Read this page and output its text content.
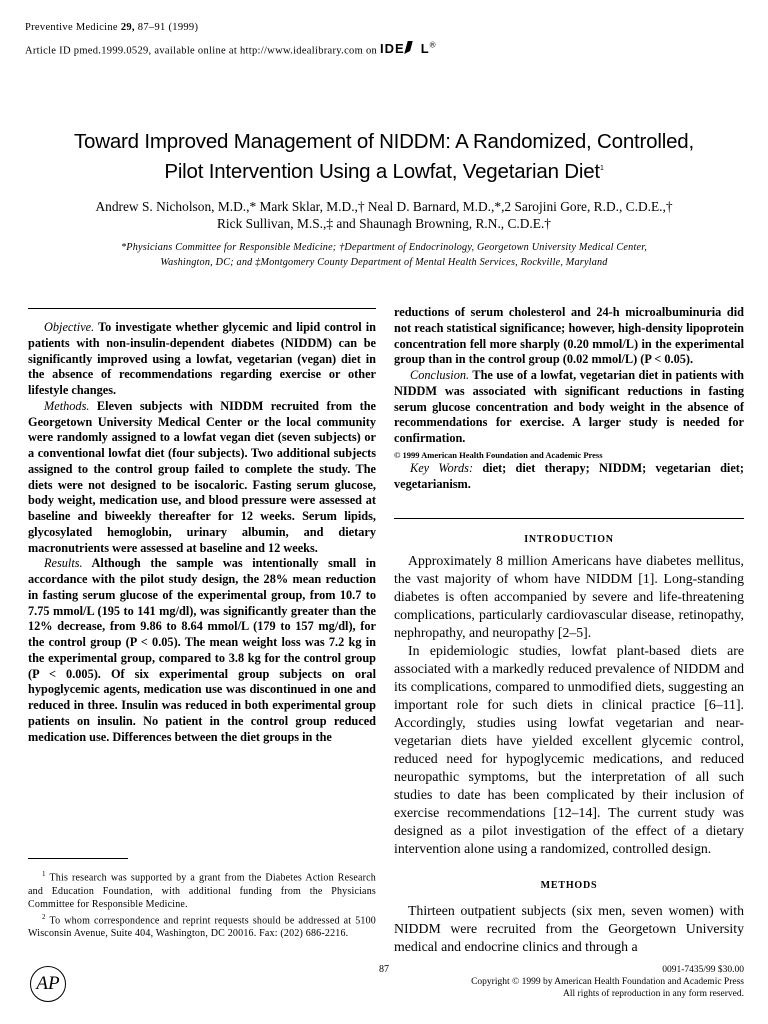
Preventive Medicine 29, 87–91 (1999)
Article ID pmed.1999.0529, available online at http://www.idealibrary.com on IDE L®
Toward Improved Management of NIDDM: A Randomized, Controlled,
Pilot Intervention Using a Lowfat, Vegetarian Diet$^1$
Andrew S. Nicholson, M.D.,* Mark Sklar, M.D.,† Neal D. Barnard, M.D.,*,2 Sarojini Gore, R.D., C.D.E.,†
Rick Sullivan, M.S.,‡ and Shaunagh Browning, R.N., C.D.E.†
*Physicians Committee for Responsible Medicine; †Department of Endocrinology, Georgetown University Medical Center,
Washington, DC; and ‡Montgomery County Department of Mental Health Services, Rockville, Maryland

Objective. To investigate whether glycemic and lipid control in patients with non-insulin-dependent diabetes (NIDDM) can be significantly improved using a lowfat, vegetarian (vegan) diet in the absence of recommendations regarding exercise or other lifestyle changes.

Methods. Eleven subjects with NIDDM recruited from the Georgetown University Medical Center or the local community were randomly assigned to a lowfat vegan diet (seven subjects) or a conventional lowfat diet (four subjects). Two additional subjects assigned to the control group failed to complete the study. The diets were not designed to be isocaloric. Fasting serum glucose, body weight, medication use, and blood pressure were assessed at baseline and biweekly thereafter for 12 weeks. Serum lipids, glycosylated hemoglobin, urinary albumin, and dietary macronutrients were assessed at baseline and 12 weeks.

Results. Although the sample was intentionally small in accordance with the pilot study design, the 28% mean reduction in fasting serum glucose of the experimental group, from 10.7 to 7.75 mmol/L (195 to 141 mg/dl), was significantly greater than the 12% decrease, from 9.86 to 8.64 mmol/L (179 to 157 mg/dl), for the control group (P < 0.05). The mean weight loss was 7.2 kg in the experimental group, compared to 3.8 kg for the control group (P < 0.005). Of six experimental group subjects on oral hypoglycemic agents, medication use was discontinued in one and reduced in three. Insulin was reduced in both experimental group patients on insulin. No patient in the control group reduced medication use. Differences between the diet groups in the

reductions of serum cholesterol and 24-h microalbuminuria did not reach statistical significance; however, high-density lipoprotein concentration fell more sharply (0.20 mmol/L) in the experimental group than in the control group (0.02 mmol/L) (P < 0.05).

Conclusion. The use of a lowfat, vegetarian diet in patients with NIDDM was associated with significant reductions in fasting serum glucose concentration and body weight in the absence of recommendations for exercise. A larger study is needed for confirmation.

© 1999 American Health Foundation and Academic Press

Key Words: diet; diet therapy; NIDDM; vegetarian diet; vegetarianism.

INTRODUCTION

Approximately 8 million Americans have diabetes mellitus, the vast majority of whom have NIDDM [1]. Long-standing diabetes is often accompanied by severe and life-threatening complications, particularly cardiovascular disease, retinopathy, nephropathy, and neuropathy [2–5].

In epidemiologic studies, lowfat plant-based diets are associated with a markedly reduced prevalence of NIDDM and its complications, compared to unmodified diets, suggesting an important role for such diets in clinical practice [6–11]. Accordingly, studies using lowfat vegetarian and near-vegetarian diets have yielded excellent glycemic control, reduced need for hypoglycemic medications, and reduced neuropathic symptoms, but the interpretation of all such studies to date has been complicated by their inclusion of exercise recommendations [12–14]. The current study was designed as a pilot investigation of the effect of a dietary intervention alone using a randomized, controlled design.

METHODS

Thirteen outpatient subjects (six men, seven women) with NIDDM were recruited from the Georgetown University medical and endocrine clinics and through a

$^1$ This research was supported by a grant from the Diabetes Action Research and Education Foundation, with additional funding from the Physicians Committee for Responsible Medicine.

$^2$ To whom correspondence and reprint requests should be addressed at 5100 Wisconsin Avenue, Suite 404, Washington, DC 20016. Fax: (202) 686-2216.

AP
87	0091-7435/99 $30.00
Copyright © 1999 by American Health Foundation and Academic Press
All rights of reproduction in any form reserved.
